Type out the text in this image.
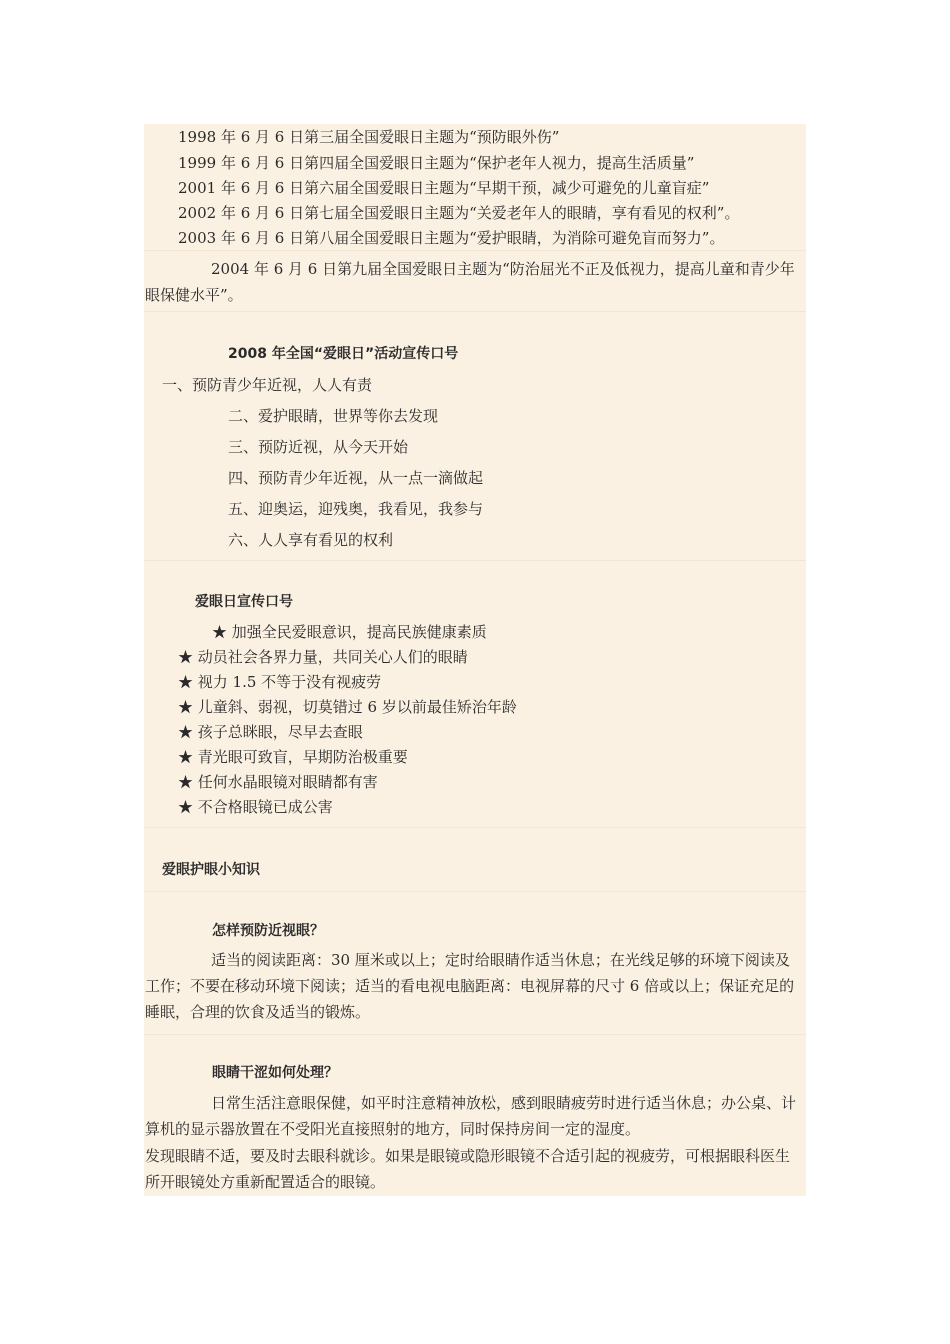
1998 年 6 月 6 日第三届全国爱眼日主题为“预防眼外伤”
1999 年 6 月 6 日第四届全国爱眼日主题为“保护老年人视力，提高生活质量”
2001 年 6 月 6 日第六届全国爱眼日主题为“早期干预，减少可避免的儿童盲症”
2002 年 6 月 6 日第七届全国爱眼日主题为“关爱老年人的眼睛，享有看见的权利”。
2003 年 6 月 6 日第八届全国爱眼日主题为“爱护眼睛，为消除可避免盲而努力”。
2004 年 6 月 6 日第九届全国爱眼日主题为“防治屈光不正及低视力，提高儿童和青少年眼保健水平”。
2008 年全国“爱眼日”活动宣传口号
一、预防青少年近视，人人有责
二、爱护眼睛，世界等你去发现
三、预防近视，从今天开始
四、预防青少年近视，从一点一滴做起
五、迎奥运，迎残奥，我看见，我参与
六、人人享有看见的权利
爱眼日宣传口号
★ 加强全民爱眼意识，提高民族健康素质
★ 动员社会各界力量，共同关心人们的眼睛
★ 视力 1.5 不等于没有视疲劳
★ 儿童斜、弱视，切莫错过 6 岁以前最佳矫治年龄
★ 孩子总眯眼，尽早去查眼
★ 青光眼可致盲，早期防治极重要
★ 任何水晶眼镜对眼睛都有害
★ 不合格眼镜已成公害
爱眼护眼小知识
怎样预防近视眼？
适当的阅读距离：30 厘米或以上；定时给眼睛作适当休息；在光线足够的环境下阅读及工作；不要在移动环境下阅读；适当的看电视电脑距离：电视屏幕的尺寸 6 倍或以上；保证充足的睡眠，合理的饮食及适当的锻炼。
眼睛干涩如何处理？
日常生活注意眼保健，如平时注意精神放松，感到眼睛疲劳时进行适当休息；办公桌、计算机的显示器放置在不受阳光直接照射的地方，同时保持房间一定的湿度。
发现眼睛不适，要及时去眼科就诊。如果是眼镜或隐形眼镜不合适引起的视疲劳，可根据眼科医生所开眼镜处方重新配置适合的眼镜。
